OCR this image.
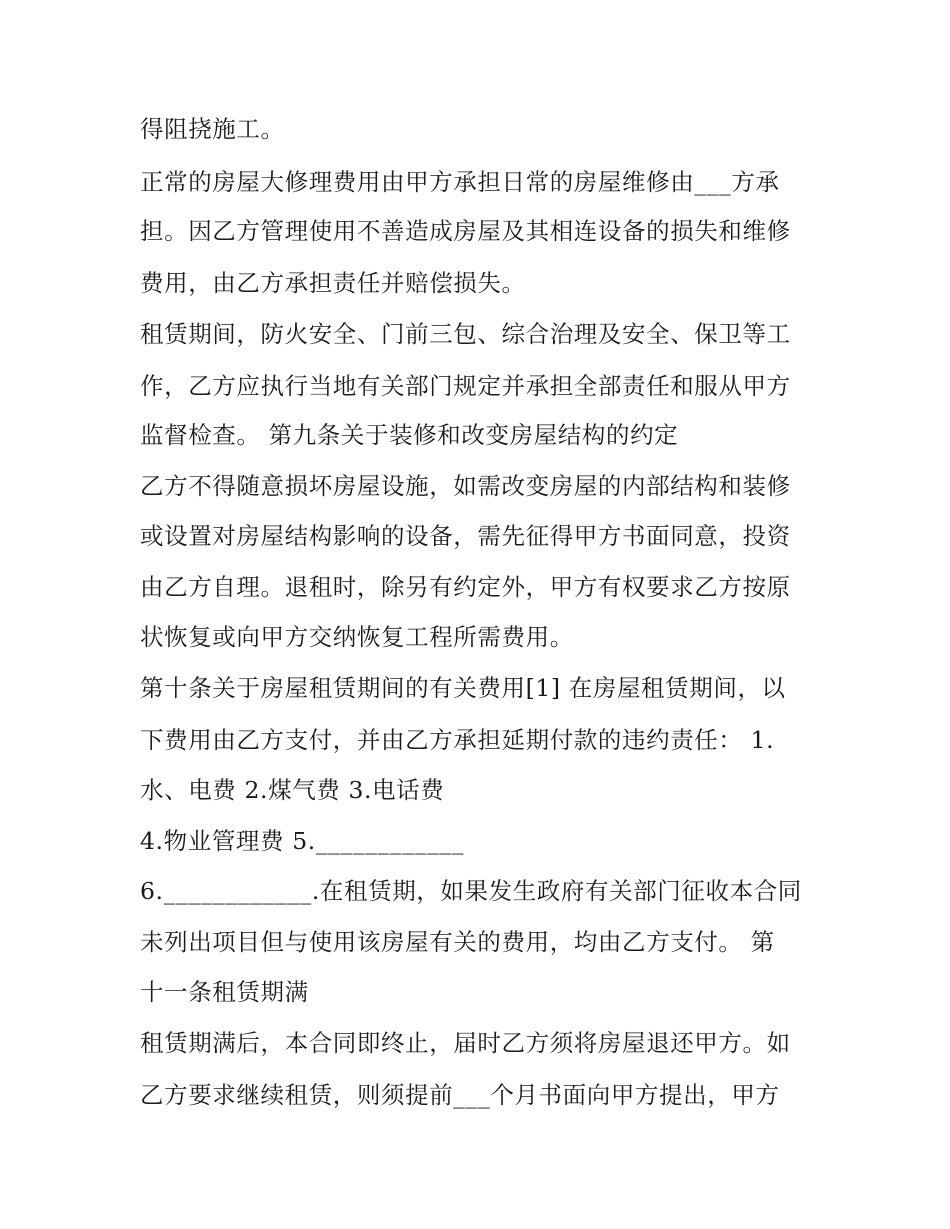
得阻挠施工。
正常的房屋大修理费用由甲方承担日常的房屋维修由___方承
担。因乙方管理使用不善造成房屋及其相连设备的损失和维修
费用，由乙方承担责任并赔偿损失。
租赁期间，防火安全、门前三包、综合治理及安全、保卫等工
作，乙方应执行当地有关部门规定并承担全部责任和服从甲方
监督检查。 第九条关于装修和改变房屋结构的约定
乙方不得随意损坏房屋设施，如需改变房屋的内部结构和装修
或设置对房屋结构影响的设备，需先征得甲方书面同意，投资
由乙方自理。退租时，除另有约定外，甲方有权要求乙方按原
状恢复或向甲方交纳恢复工程所需费用。
第十条关于房屋租赁期间的有关费用[1] 在房屋租赁期间，以
下费用由乙方支付，并由乙方承担延期付款的违约责任： 1.
水、电费 2.煤气费 3.电话费
4.物业管理费 5.____________
6.____________.在租赁期，如果发生政府有关部门征收本合同
未列出项目但与使用该房屋有关的费用，均由乙方支付。 第
十一条租赁期满
租赁期满后，本合同即终止，届时乙方须将房屋退还甲方。如
乙方要求继续租赁，则须提前___个月书面向甲方提出，甲方
